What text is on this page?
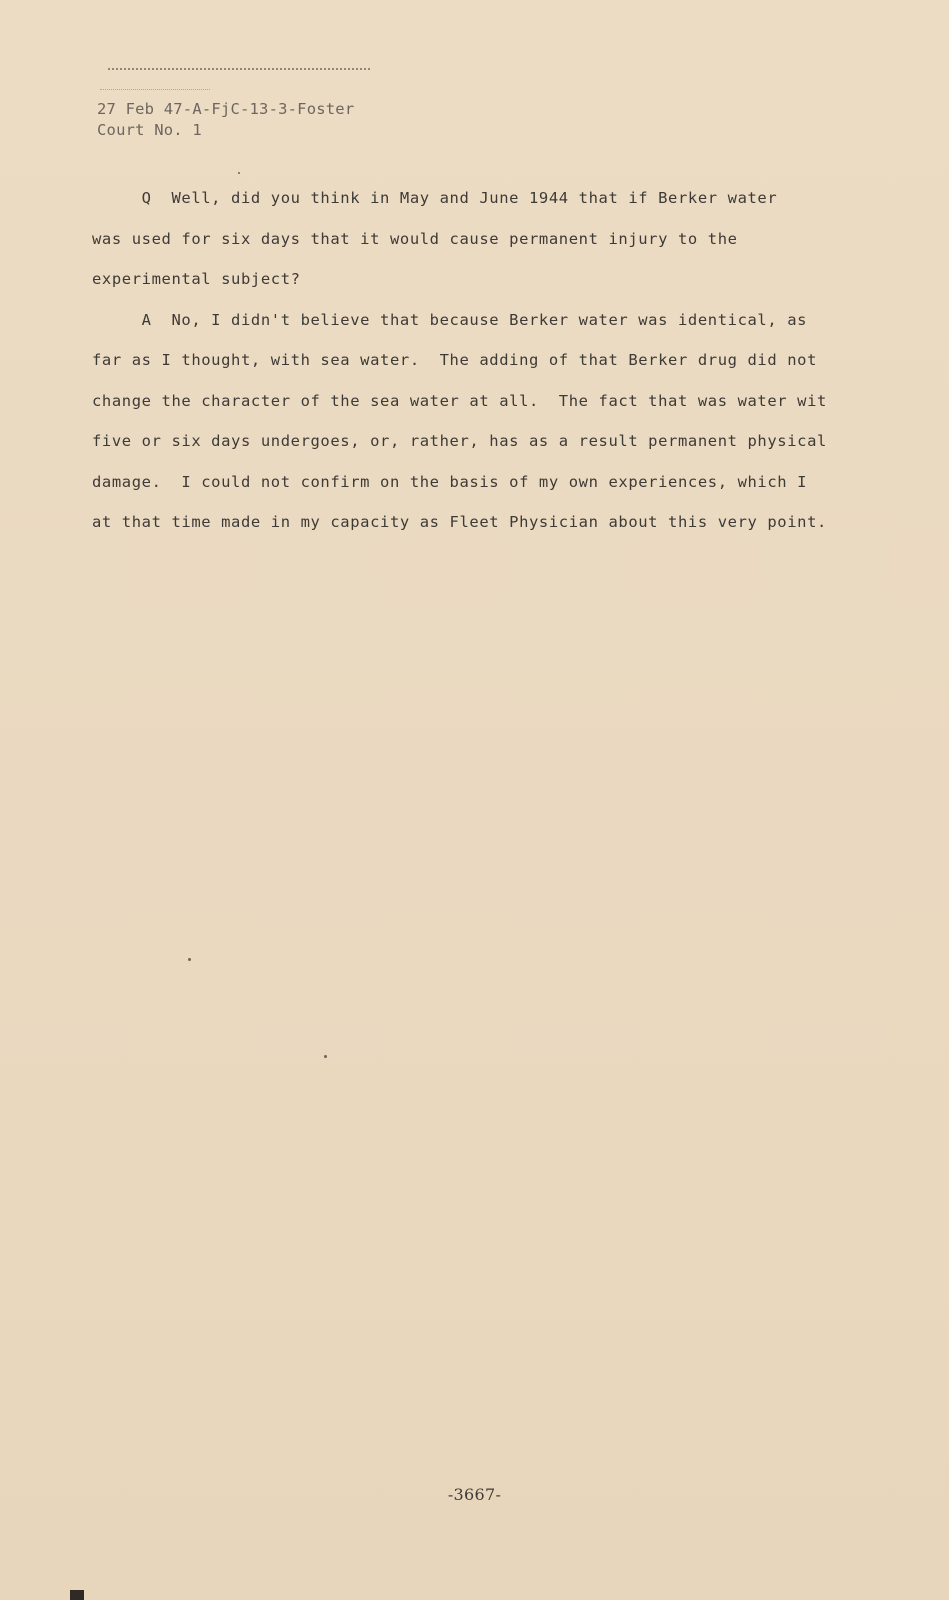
27 Feb 47-A-FjC-13-3-Foster
Court No. 1

Q  Well, did you think in May and June 1944 that if Berker water

was used for six days that it would cause permanent injury to the

experimental subject?

A  No, I didn't believe that because Berker water was identical, as

far as I thought, with sea water.  The adding of that Berker drug did not

change the character of the sea water at all.  The fact that was water wit

five or six days undergoes, or, rather, has as a result permanent physical

damage.  I could not confirm on the basis of my own experiences, which I

at that time made in my capacity as Fleet Physician about this very point.

-3667-
